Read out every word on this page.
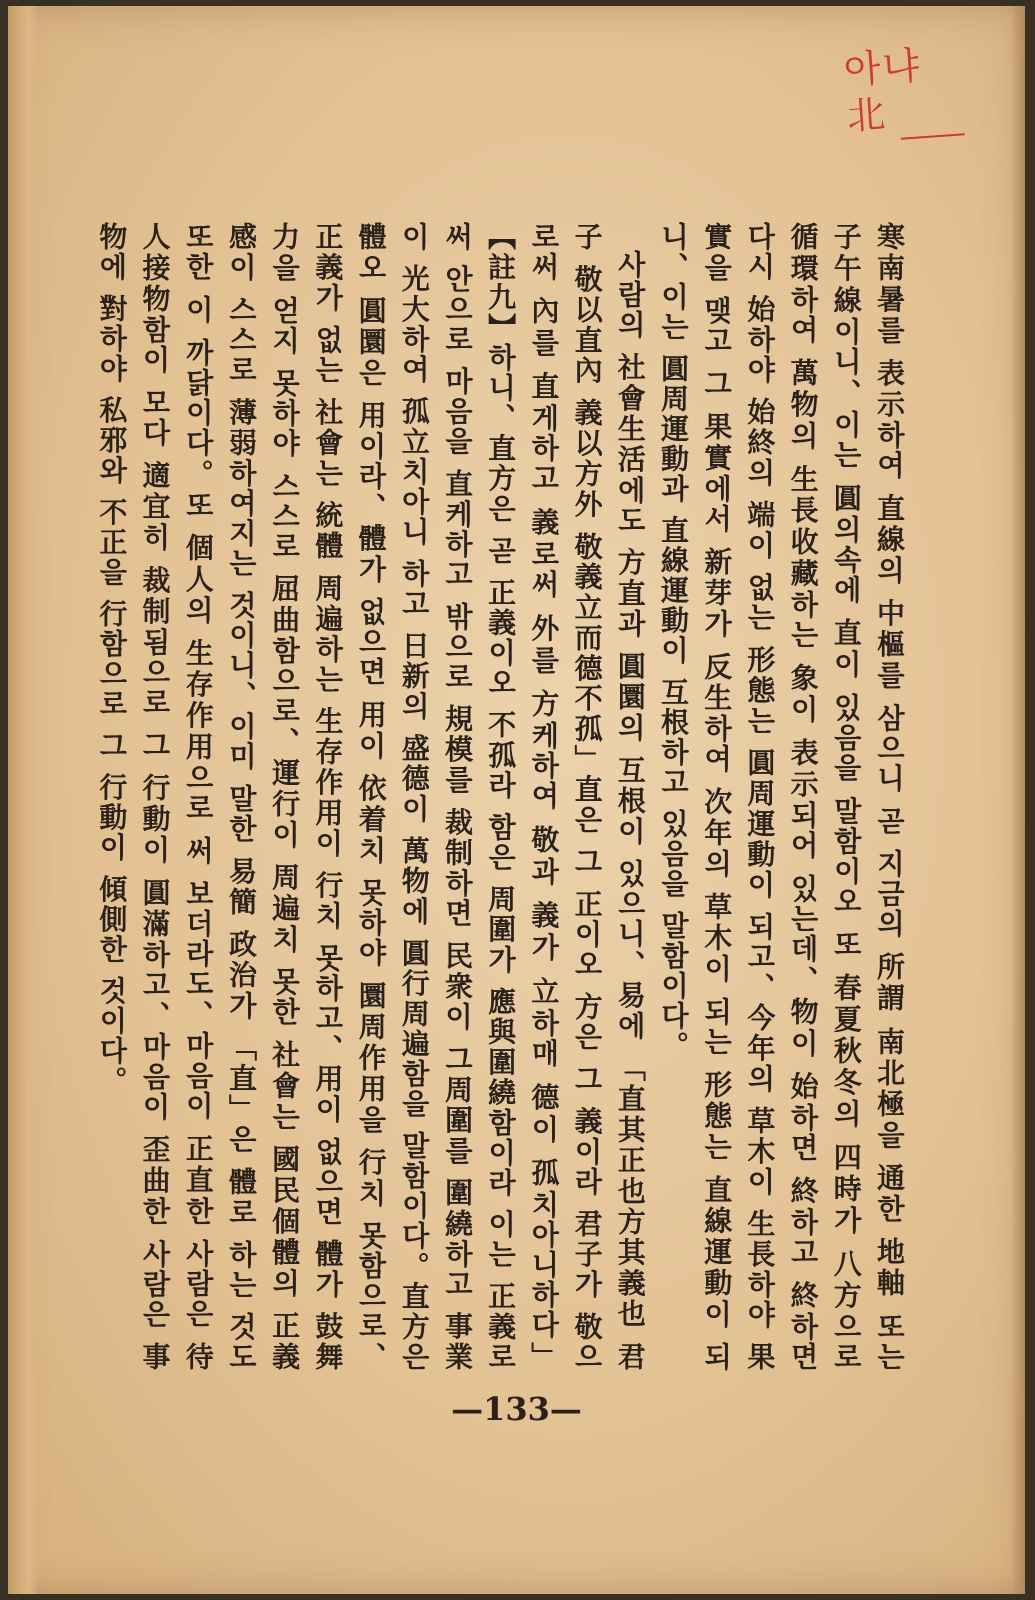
아냐
北

寒南暑를 表示하여 直線의 中樞를 삼으니 곧 지금의 所謂 南北極을 通한 地軸 또는 子午線이니、이는 圓의속에 直이 있음을 말함이오 또 春夏秋冬의 四時가 八方으로 循環하여 萬物의 生長收藏하는 象이 表示되어 있는데、物이 始하면 終하고 終하면 다시 始하야 始終의 端이 없는 形態는 圓周運動이 되고、今年의 草木이 生長하야 果實을 맺고 그 果實에서 新芽가 反生하여 次年의 草木이 되는 形態는 直線運動이 되니、이는 圓周運動과 直線運動이 互根하고 있음을 말함이다。

사람의 社會生活에도 方直과 圓圜의 互根이 있으니、易에 「直其正也方其義也 君子 敬以直內 義以方外 敬義立而德不孤」直은 그 正이오 方은 그 義이라 君子가 敬으로써 內를 直게하고 義로써 外를 方케하여 敬과 義가 立하매 德이 孤치아니하다」【註九】하니、直方은 곧 正義이오 不孤라 함은 周圍가 應與圍繞함이라 이는 正義로써 안으로 마음을 直케하고 밖으로 規模를 裁制하면 民衆이 그周圍를 圍繞하고 事業이 光大하여 孤立치아니 하고 日新의 盛德이 萬物에 圓行周遍함을 말함이다。直方은 體오 圓圜은 用이라、體가 없으면 用이 依着치 못하야 圜周作用을 行치 못함으로、正義가 없는 社會는 統體 周遍하는 生存作用이 行치 못하고、用이 없으면 體가 鼓舞力을 얻지 못하야 스스로 屈曲함으로、運行이 周遍치 못한 社會는 國民個體의 正義感이 스스로 薄弱하여지는 것이니、이미 말한 易簡 政治가 「直」은 體로 하는 것도 또한 이 까닭이다。또 個人의 生存作用으로 써 보더라도、마음이 正直한 사람은 待人接物함이 모다 適宜히 裁制됨으로 그 行動이 圓滿하고、마음이 歪曲한 사람은 事物에 對하야 私邪와 不正을 行함으로 그 行動이 傾側한 것이다。

—133—
